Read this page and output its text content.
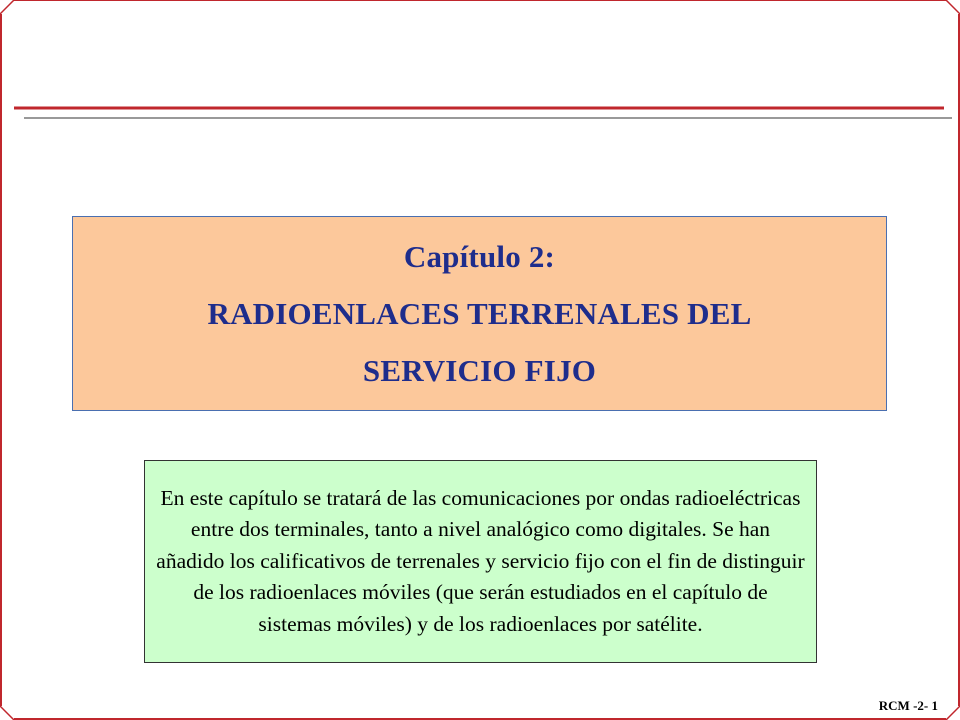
Capítulo 2:
RADIOENLACES TERRENALES DEL
SERVICIO FIJO
En este capítulo se tratará de las comunicaciones por ondas radioeléctricas entre dos terminales, tanto a nivel analógico como digitales. Se han añadido los calificativos de terrenales y servicio fijo con el fin de distinguir de los radioenlaces móviles (que serán estudiados en el capítulo de sistemas móviles) y de los radioenlaces por satélite.
RCM -2- 1
